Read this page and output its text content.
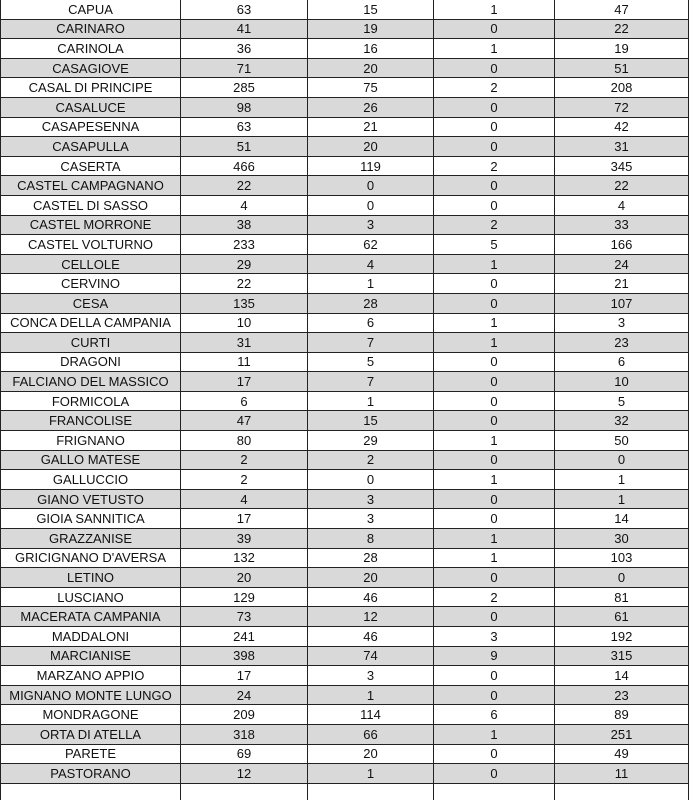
CAPUA	63	15	1	47
CARINARO	41	19	0	22
CARINOLA	36	16	1	19
CASAGIOVE	71	20	0	51
CASAL DI PRINCIPE	285	75	2	208
CASALUCE	98	26	0	72
CASAPESENNA	63	21	0	42
CASAPULLA	51	20	0	31
CASERTA	466	119	2	345
CASTEL CAMPAGNANO	22	0	0	22
CASTEL DI SASSO	4	0	0	4
CASTEL MORRONE	38	3	2	33
CASTEL VOLTURNO	233	62	5	166
CELLOLE	29	4	1	24
CERVINO	22	1	0	21
CESA	135	28	0	107
CONCA DELLA CAMPANIA	10	6	1	3
CURTI	31	7	1	23
DRAGONI	11	5	0	6
FALCIANO DEL MASSICO	17	7	0	10
FORMICOLA	6	1	0	5
FRANCOLISE	47	15	0	32
FRIGNANO	80	29	1	50
GALLO MATESE	2	2	0	0
GALLUCCIO	2	0	1	1
GIANO VETUSTO	4	3	0	1
GIOIA SANNITICA	17	3	0	14
GRAZZANISE	39	8	1	30
GRICIGNANO D'AVERSA	132	28	1	103
LETINO	20	20	0	0
LUSCIANO	129	46	2	81
MACERATA CAMPANIA	73	12	0	61
MADDALONI	241	46	3	192
MARCIANISE	398	74	9	315
MARZANO APPIO	17	3	0	14
MIGNANO MONTE LUNGO	24	1	0	23
MONDRAGONE	209	114	6	89
ORTA DI ATELLA	318	66	1	251
PARETE	69	20	0	49
PASTORANO	12	1	0	11
